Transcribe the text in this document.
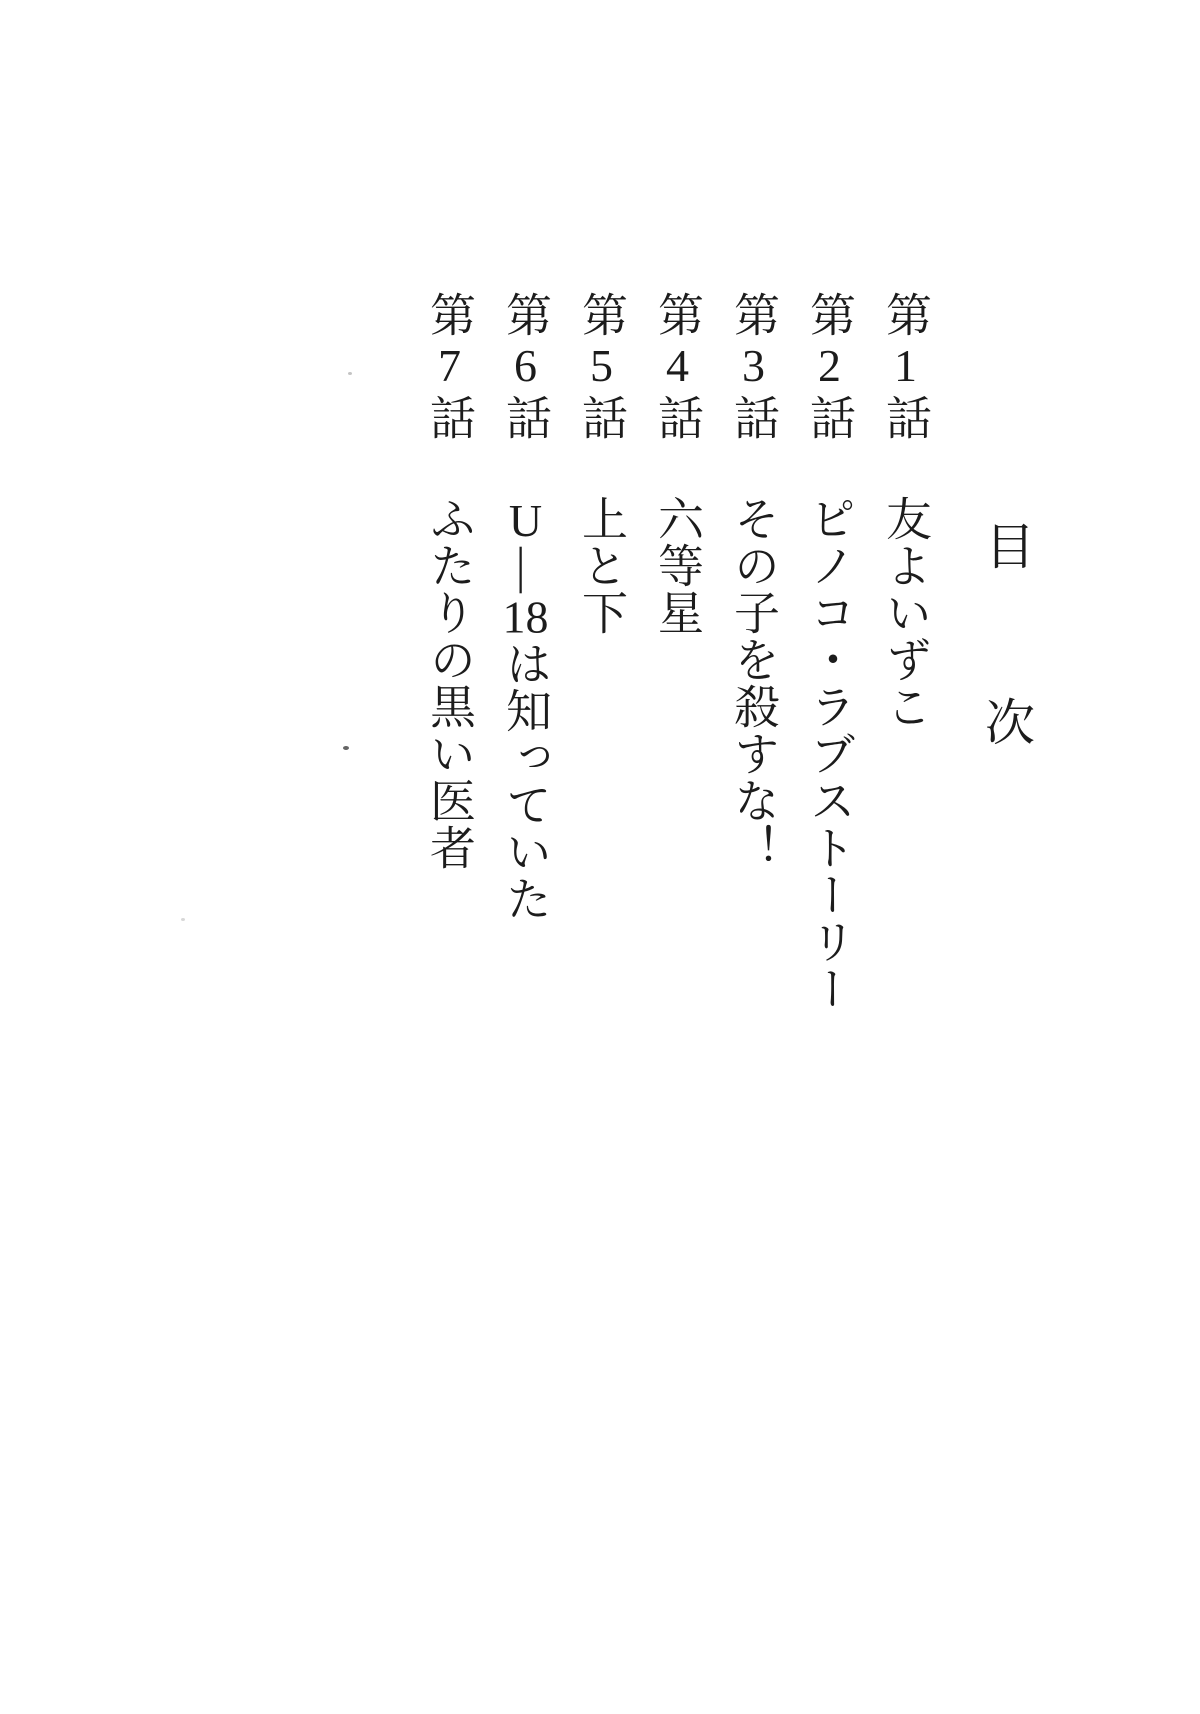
目次
第1話
友よいずこ
第2話
ピノコ・ラブストーリー
第3話
その子を殺すな！
第4話
六等星
第5話
上と下
第6話
U―18は知っていた
第7話
ふたりの黒い医者
